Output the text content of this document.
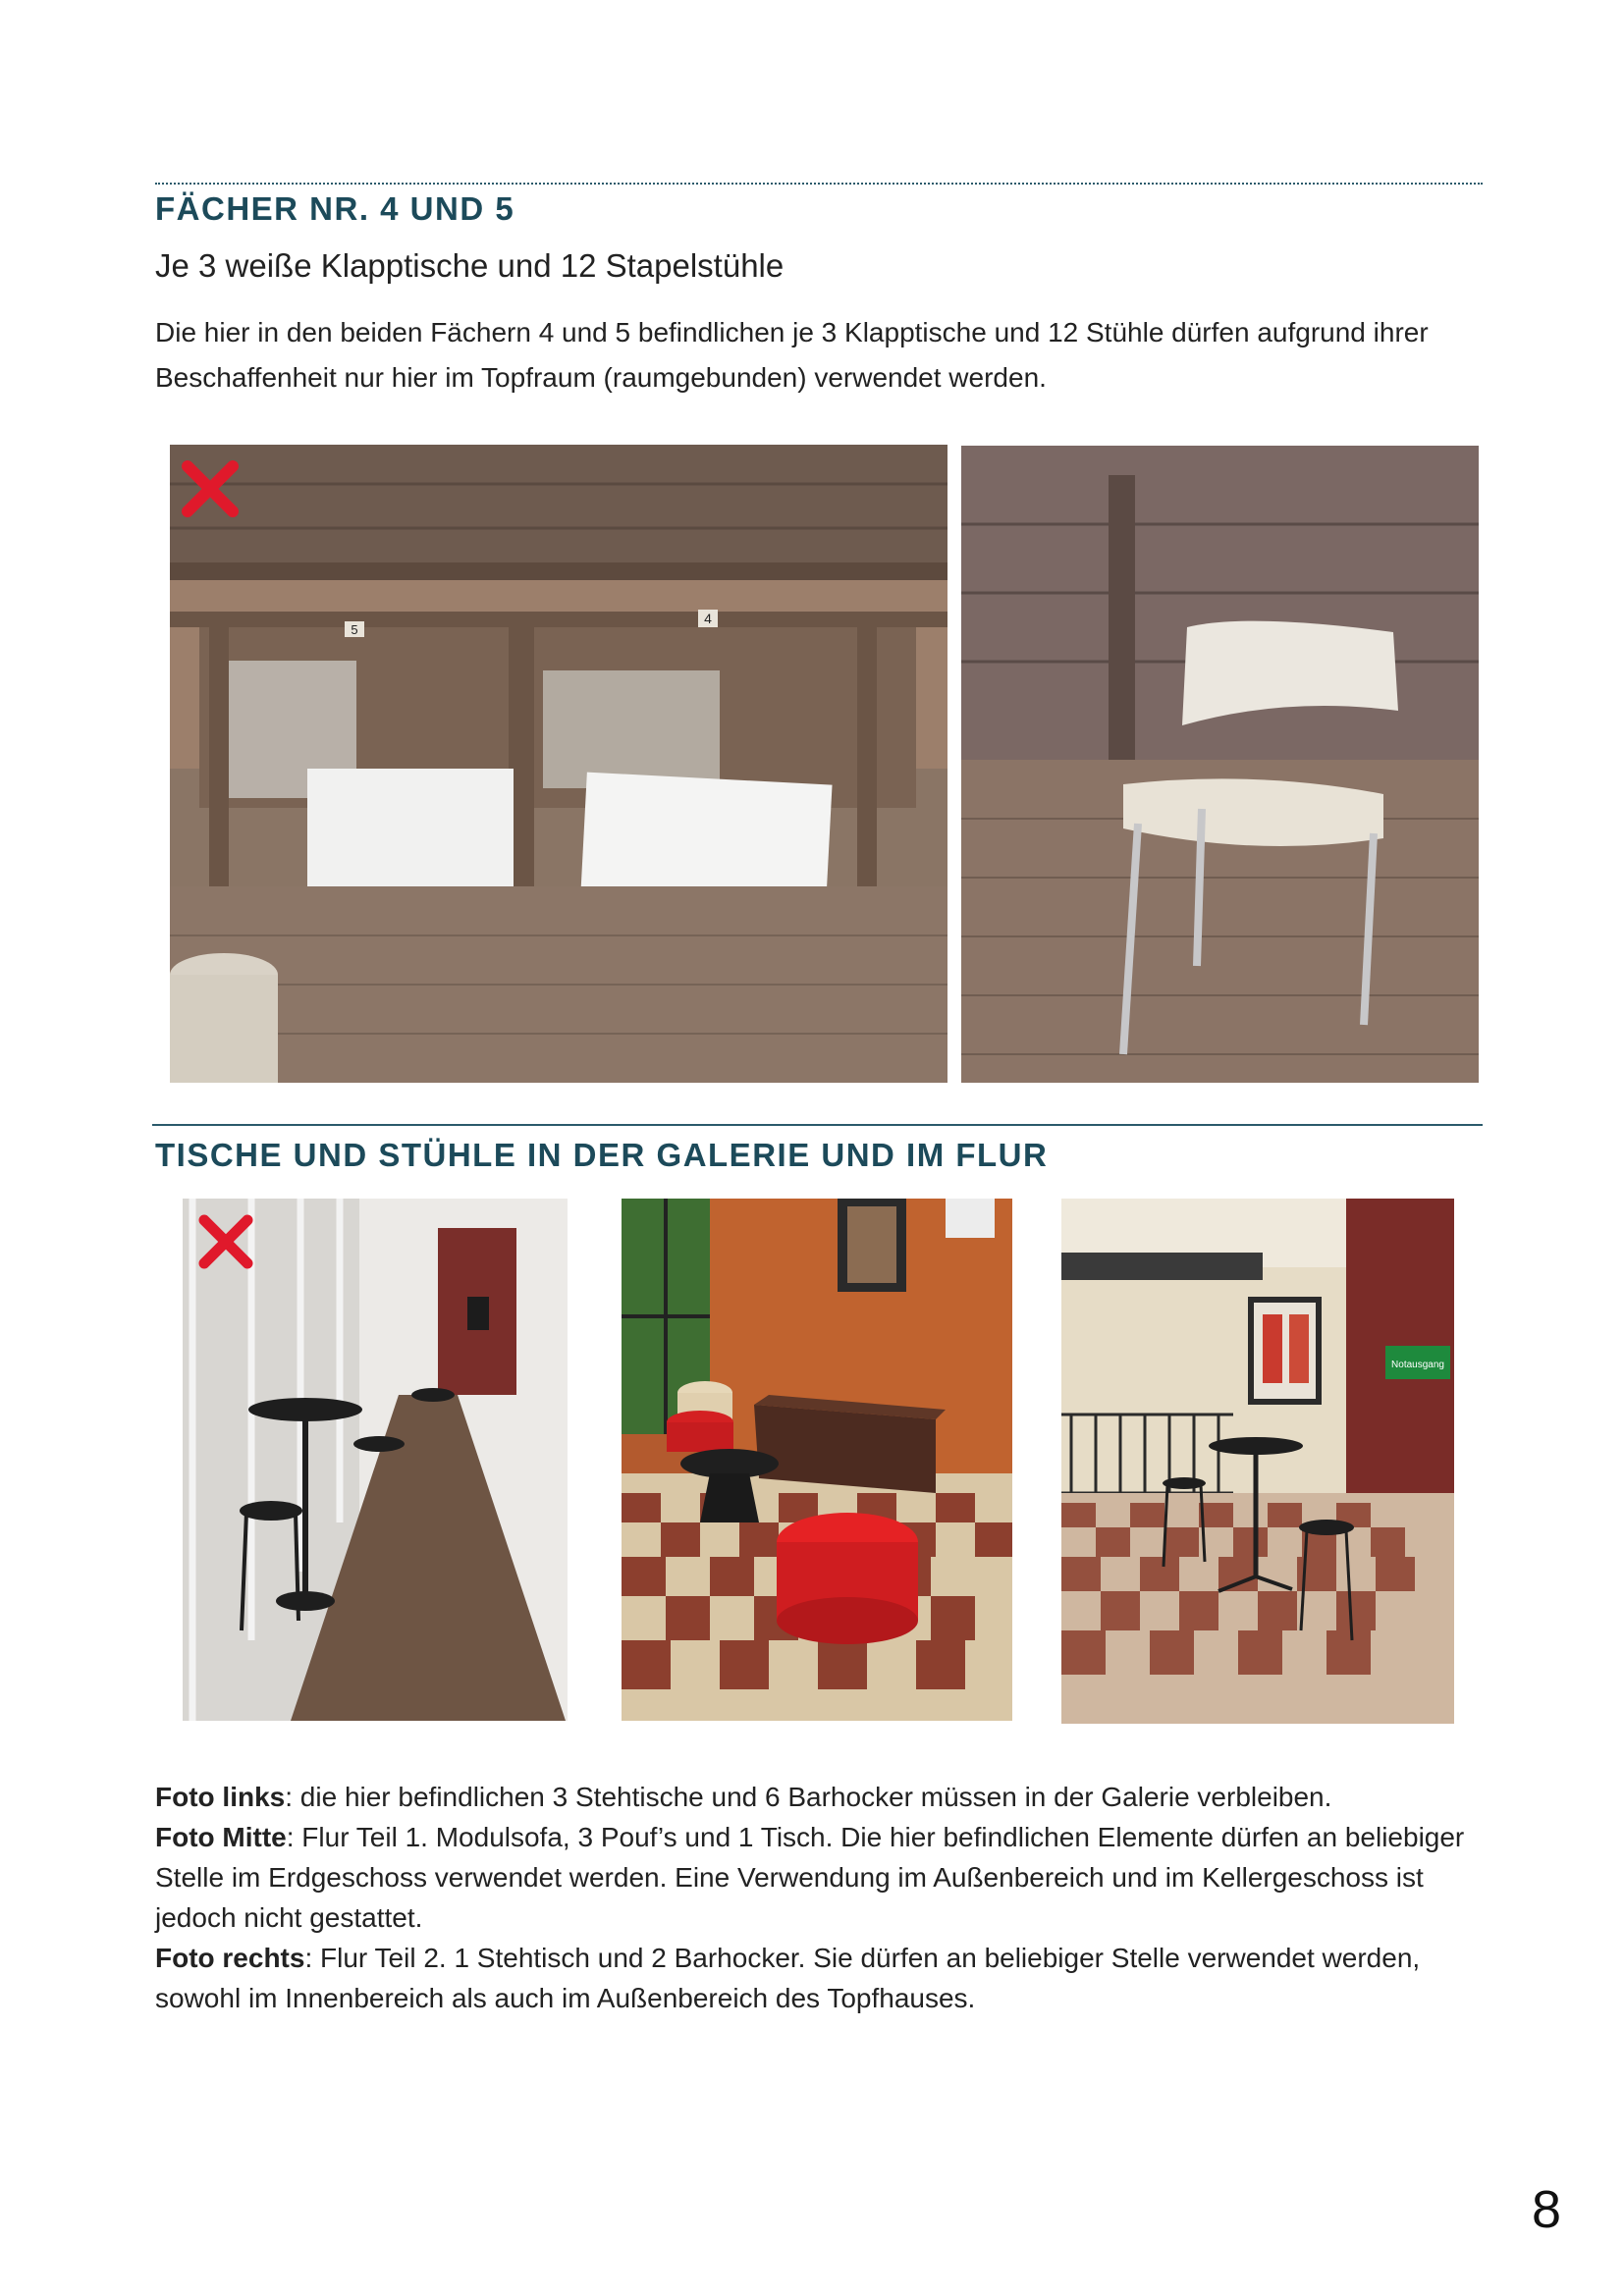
FÄCHER NR. 4 UND 5
Je 3 weiße Klapptische und 12 Stapelstühle
Die hier in den beiden Fächern 4 und 5 befindlichen je 3 Klapptische und 12 Stühle dürfen aufgrund ihrer Beschaffenheit nur hier im Topfraum (raumgebunden) verwendet werden.
5
4
TISCHE UND STÜHLE IN DER GALERIE UND IM FLUR
Notausgang

Foto links: die hier befindlichen 3 Stehtische und 6 Barhocker müssen in der Galerie verbleiben.

Foto Mitte: Flur Teil 1. Modulsofa, 3 Pouf’s und 1 Tisch. Die hier befindlichen Elemente dürfen an beliebiger Stelle im Erdgeschoss verwendet werden. Eine Verwendung im Außenbereich und im Kellergeschoss ist jedoch nicht gestattet.

Foto rechts: Flur Teil 2. 1 Stehtisch und 2 Barhocker. Sie dürfen an beliebiger Stelle verwendet werden, sowohl im Innenbereich als auch im Außenbereich des Topfhauses.

8
